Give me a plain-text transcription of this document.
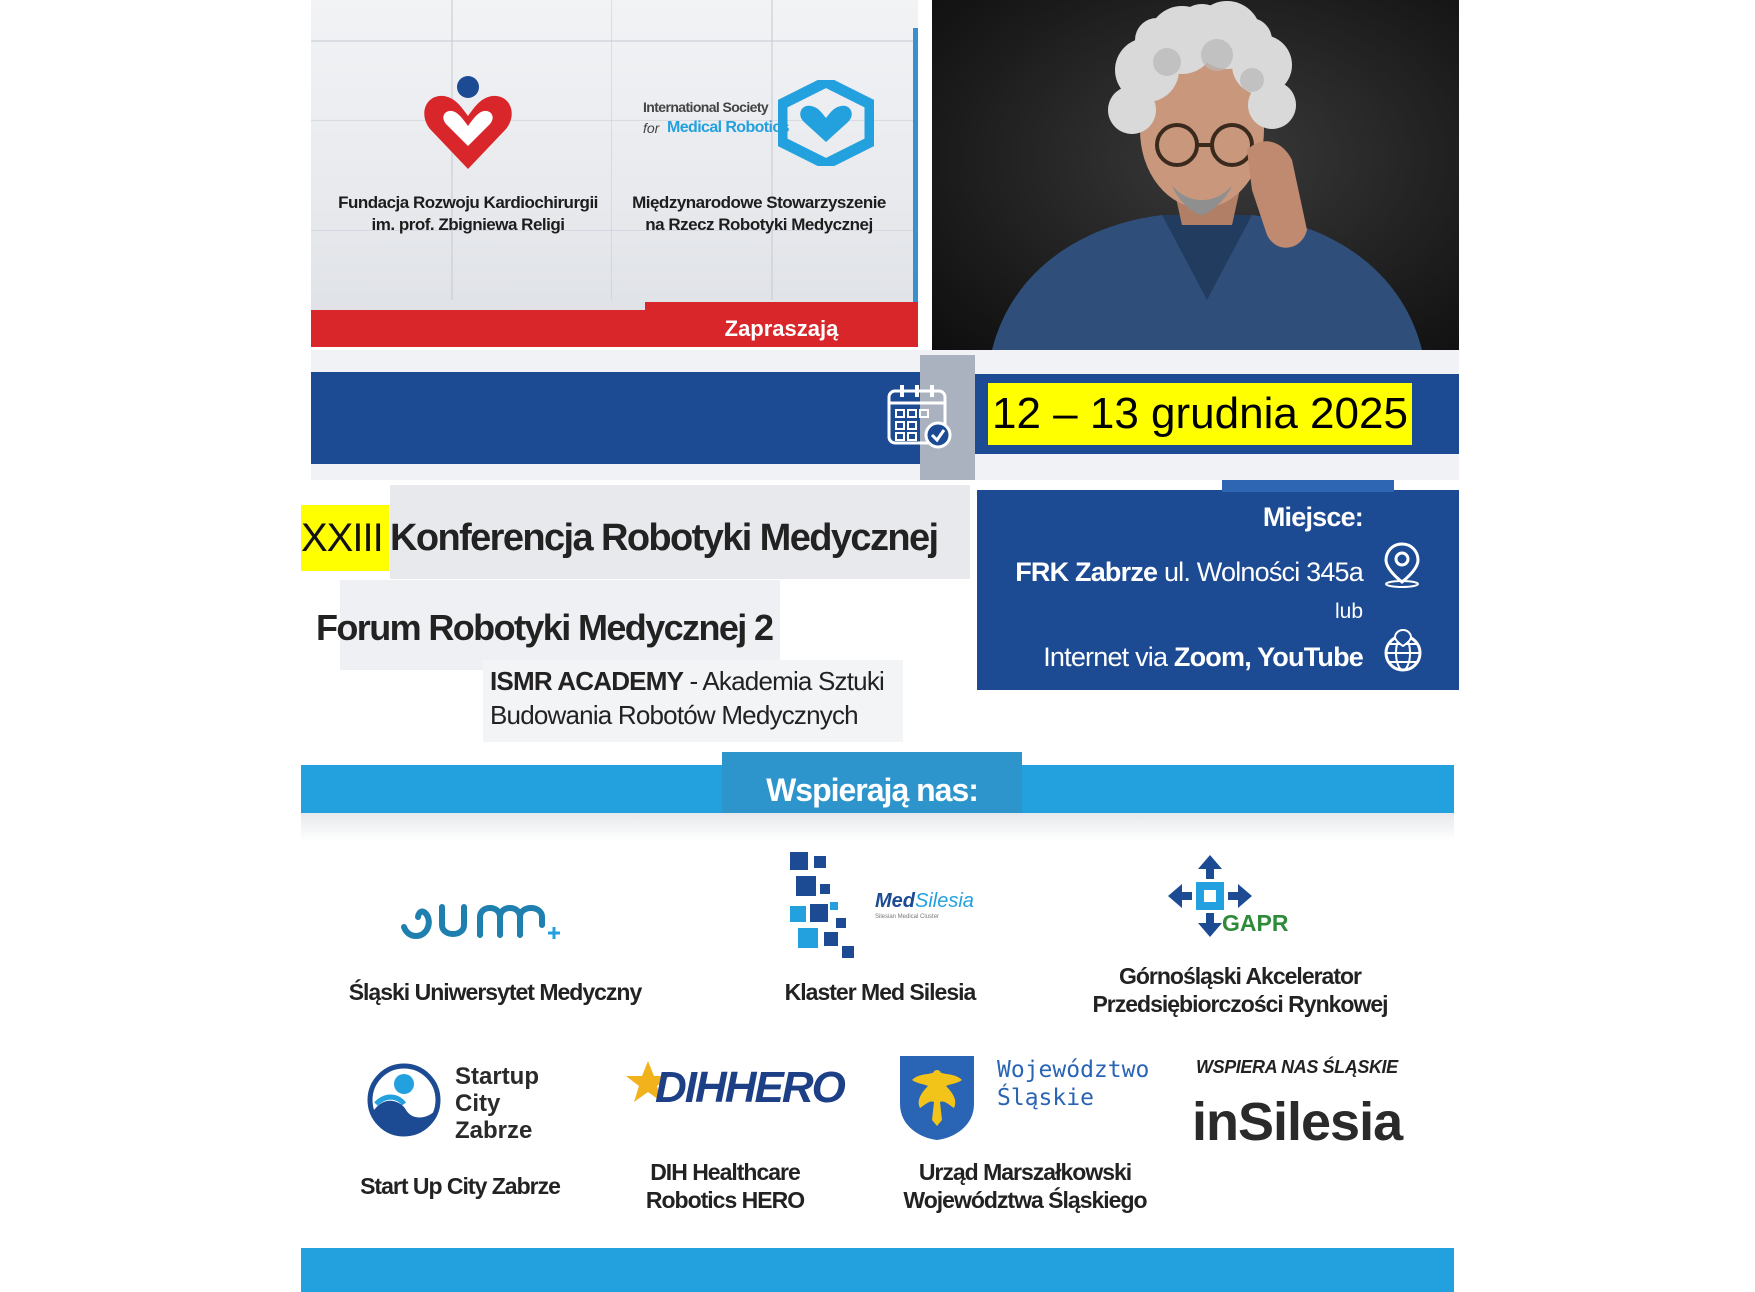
Fundacja Rozwoju Kardiochirurgii
im. prof. Zbigniewa Religi
International Society
for Medical Robotics
Międzynarodowe Stowarzyszenie
na Rzecz Robotyki Medycznej
Zapraszają
12 – 13 grudnia 2025
XXIII Konferencja Robotyki Medycznej
Forum Robotyki Medycznej 2
ISMR ACADEMY - Akademia Sztuki
Budowania Robotów Medycznych
Miejsce:
FRK Zabrze ul. Wolności 345a
lub
Internet via Zoom, YouTube
Wspierają nas:
Śląski Uniwersytet Medyczny
MedSilesia
Silesian Medical Cluster
Klaster Med Silesia
GAPR
Górnośląski Akcelerator
Przedsiębiorczości Rynkowej
Startup
City
Zabrze
Start Up City Zabrze
DIHHERO
DIH Healthcare
Robotics HERO
Województwo
Śląskie
Urząd Marszałkowski
Województwa Śląskiego
WSPIERA NAS ŚLĄSKIE
inSilesia
